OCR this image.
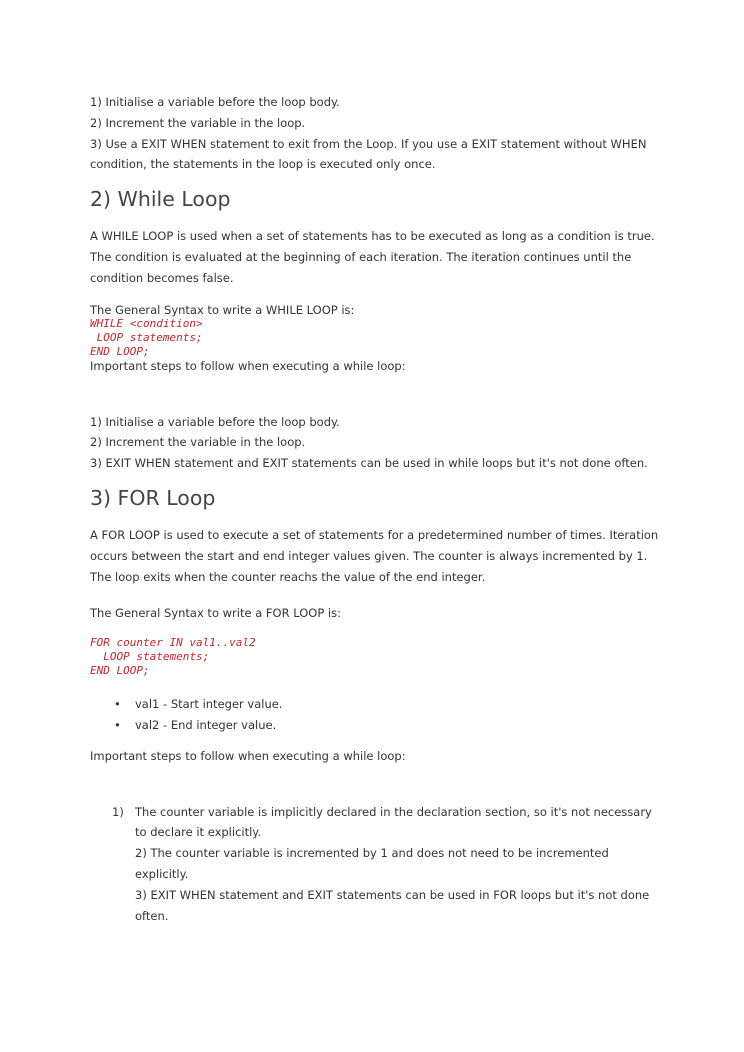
1) Initialise a variable before the loop body.

2) Increment the variable in the loop.

3) Use a EXIT WHEN statement to exit from the Loop. If you use a EXIT statement without WHEN

condition, the statements in the loop is executed only once.

2) While Loop

A WHILE LOOP is used when a set of statements has to be executed as long as a condition is true.

The condition is evaluated at the beginning of each iteration. The iteration continues until the

condition becomes false.

The General Syntax to write a WHILE LOOP is:

WHILE <condition>

LOOP statements;

END LOOP;

Important steps to follow when executing a while loop:

1) Initialise a variable before the loop body.

2) Increment the variable in the loop.

3) EXIT WHEN statement and EXIT statements can be used in while loops but it's not done often.

3) FOR Loop

A FOR LOOP is used to execute a set of statements for a predetermined number of times. Iteration

occurs between the start and end integer values given. The counter is always incremented by 1.

The loop exits when the counter reachs the value of the end integer.

The General Syntax to write a FOR LOOP is:

FOR counter IN val1..val2

LOOP statements;

END LOOP;

• val1 - Start integer value.
• val2 - End integer value.

Important steps to follow when executing a while loop:

1) The counter variable is implicitly declared in the declaration section, so it's not necessary

to declare it explicitly.

2) The counter variable is incremented by 1 and does not need to be incremented

explicitly.

3) EXIT WHEN statement and EXIT statements can be used in FOR loops but it's not done

often.
